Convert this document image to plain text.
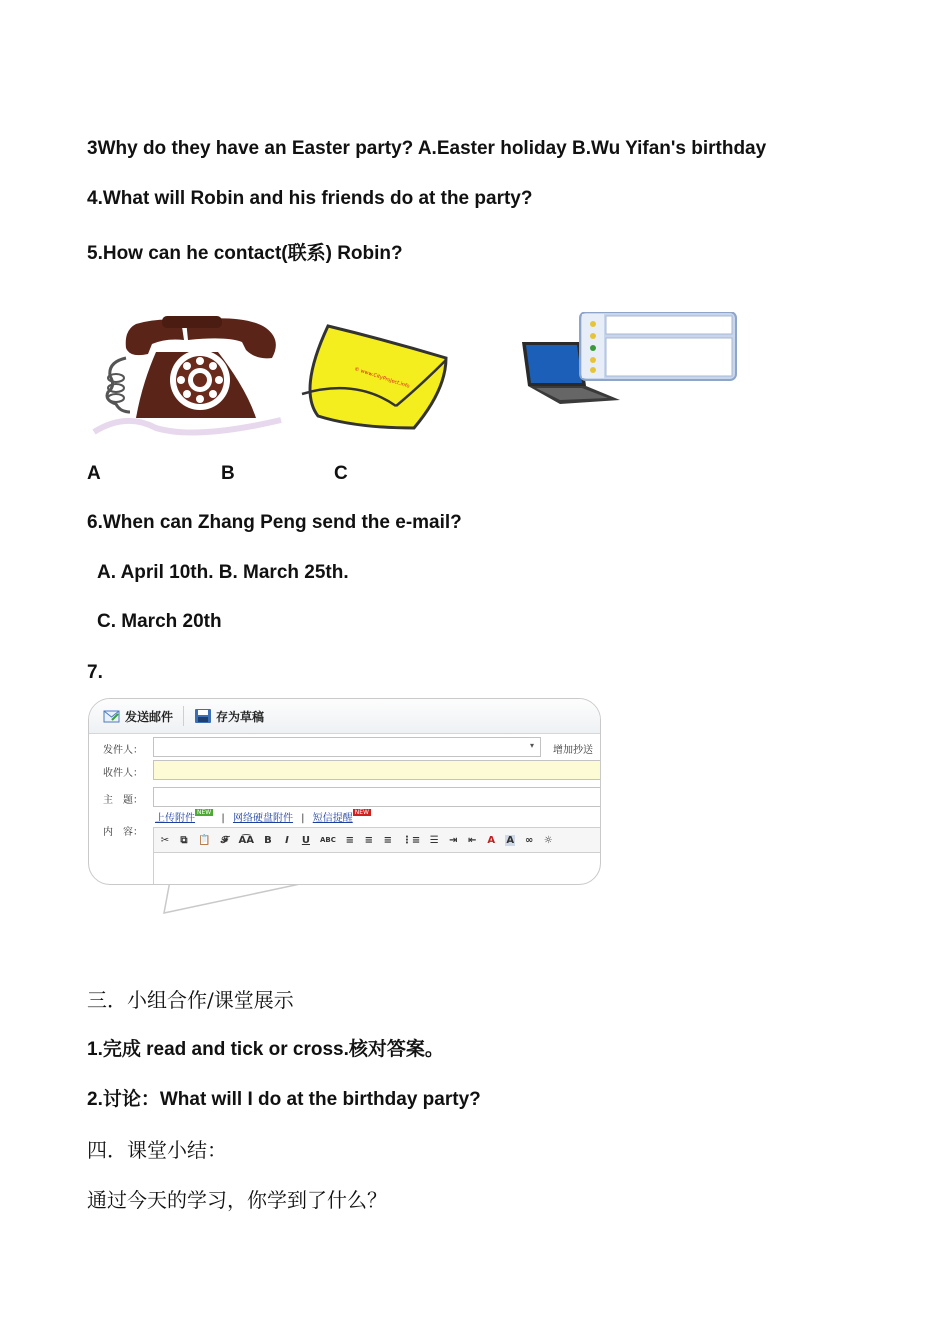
3Why do they have an Easter party? A.Easter holiday B.Wu Yifan's birthday
4.What will Robin and his friends do at the party?
5.How can he contact(联系) Robin?
© www.CityProject.info
A	B	C
6.When can Zhang Peng send the e-mail?
A. April 10th. B. March 25th.
C. March 20th
7.
发送邮件	存为草稿
发件人：	▾ 增加抄送
收件人：
主　题：
上传附件$^{NEW}$ | 网络硬盘附件 | 短信提醒$^{NEW}$
内　容：
✂ ⧉ 📋 𝓕 A͡A B	I	U ABC ≡ ≡ ≡ ⋮≡ ☰ ⇥ ⇤ A A ∞ ☼
三．小组合作/课堂展示
1.完成 read and tick or cross.核对答案。
2.讨论：What will I do at the birthday party?
四．课堂小结：
通过今天的学习，你学到了什么？
